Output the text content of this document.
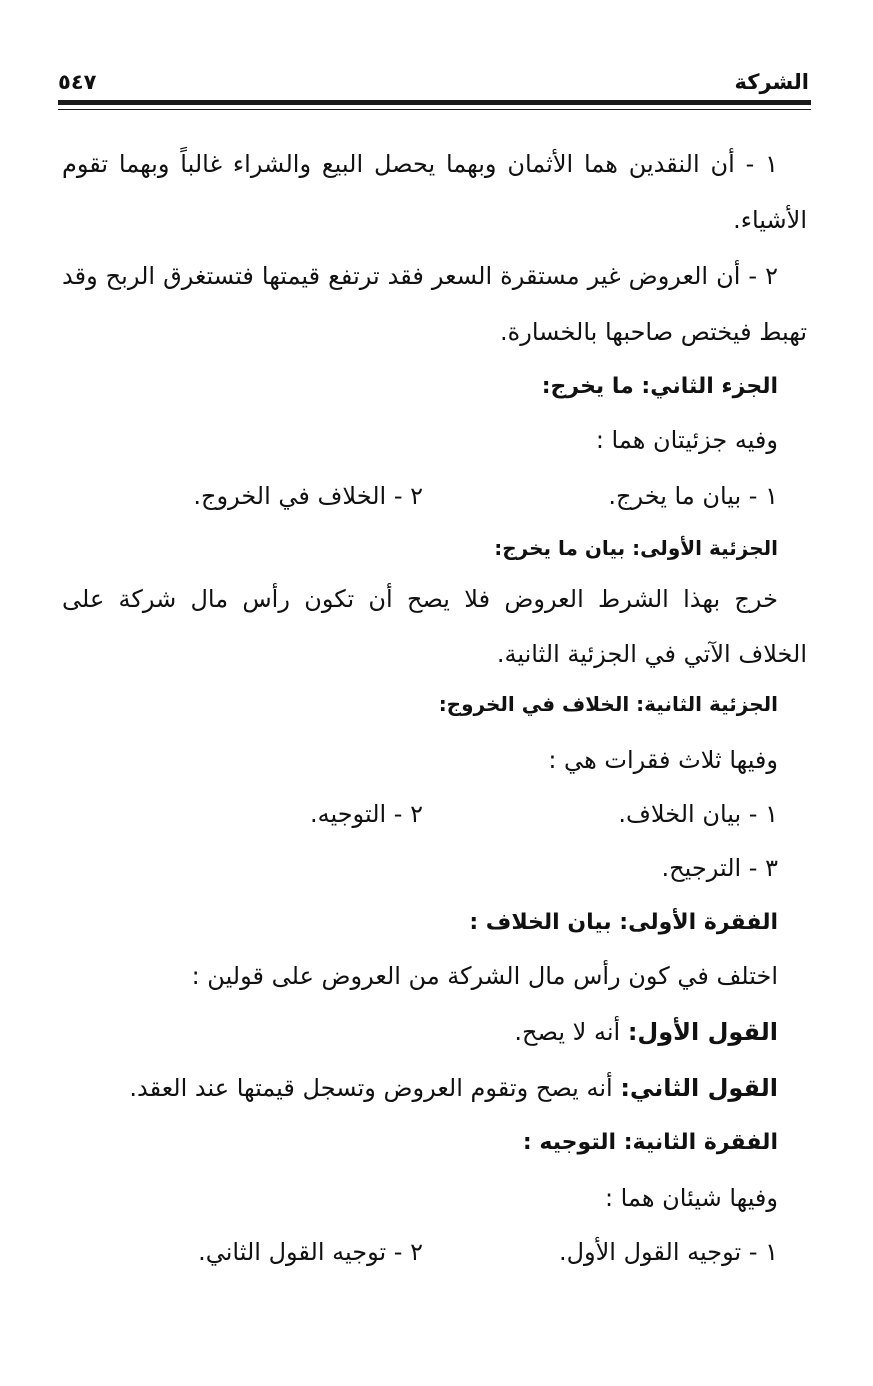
الشركة
٥٤٧
١ - أن النقدين هما الأثمان وبهما يحصل البيع والشراء غالباً وبهما تقوم
الأشياء.
٢ - أن العروض غير مستقرة السعر فقد ترتفع قيمتها فتستغرق الربح وقد
تهبط فيختص صاحبها بالخسارة.
الجزء الثاني: ما يخرج:
وفيه جزئيتان هما :
١ - بيان ما يخرج.
٢ - الخلاف في الخروج.
الجزئية الأولى: بيان ما يخرج:
خرج بهذا الشرط العروض فلا يصح أن تكون رأس مال شركة على
الخلاف الآتي في الجزئية الثانية.
الجزئية الثانية: الخلاف في الخروج:
وفيها ثلاث فقرات هي :
١ - بيان الخلاف.
٢ - التوجيه.
٣ - الترجيح.
الفقرة الأولى: بيان الخلاف :
اختلف في كون رأس مال الشركة من العروض على قولين :
القول الأول: أنه لا يصح.
القول الثاني: أنه يصح وتقوم العروض وتسجل قيمتها عند العقد.
الفقرة الثانية: التوجيه :
وفيها شيئان هما :
١ - توجيه القول الأول.
٢ - توجيه القول الثاني.
